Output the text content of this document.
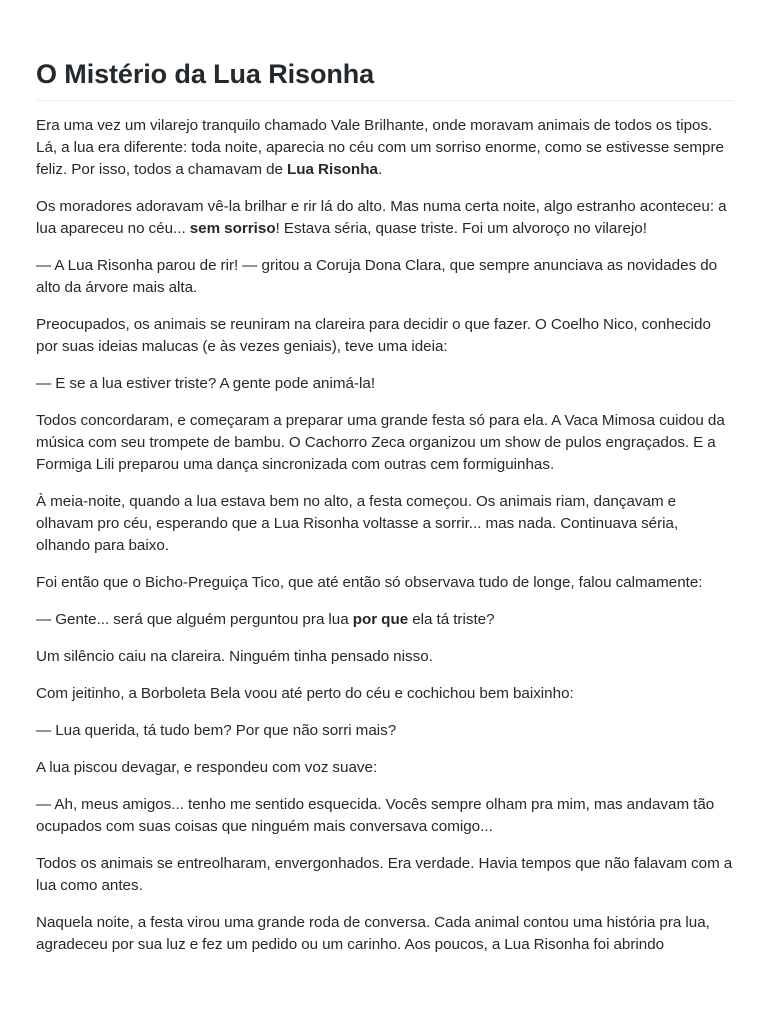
O Mistério da Lua Risonha

Era uma vez um vilarejo tranquilo chamado Vale Brilhante, onde moravam animais de todos os tipos. Lá, a lua era diferente: toda noite, aparecia no céu com um sorriso enorme, como se estivesse sempre feliz. Por isso, todos a chamavam de Lua Risonha.

Os moradores adoravam vê-la brilhar e rir lá do alto. Mas numa certa noite, algo estranho aconteceu: a lua apareceu no céu... sem sorriso! Estava séria, quase triste. Foi um alvoroço no vilarejo!

— A Lua Risonha parou de rir! — gritou a Coruja Dona Clara, que sempre anunciava as novidades do alto da árvore mais alta.

Preocupados, os animais se reuniram na clareira para decidir o que fazer. O Coelho Nico, conhecido por suas ideias malucas (e às vezes geniais), teve uma ideia:

— E se a lua estiver triste? A gente pode animá-la!

Todos concordaram, e começaram a preparar uma grande festa só para ela. A Vaca Mimosa cuidou da música com seu trompete de bambu. O Cachorro Zeca organizou um show de pulos engraçados. E a Formiga Lili preparou uma dança sincronizada com outras cem formiguinhas.

À meia-noite, quando a lua estava bem no alto, a festa começou. Os animais riam, dançavam e olhavam pro céu, esperando que a Lua Risonha voltasse a sorrir... mas nada. Continuava séria, olhando para baixo.

Foi então que o Bicho-Preguiça Tico, que até então só observava tudo de longe, falou calmamente:

— Gente... será que alguém perguntou pra lua por que ela tá triste?

Um silêncio caiu na clareira. Ninguém tinha pensado nisso.

Com jeitinho, a Borboleta Bela voou até perto do céu e cochichou bem baixinho:

— Lua querida, tá tudo bem? Por que não sorri mais?

A lua piscou devagar, e respondeu com voz suave:

— Ah, meus amigos... tenho me sentido esquecida. Vocês sempre olham pra mim, mas andavam tão ocupados com suas coisas que ninguém mais conversava comigo...

Todos os animais se entreolharam, envergonhados. Era verdade. Havia tempos que não falavam com a lua como antes.

Naquela noite, a festa virou uma grande roda de conversa. Cada animal contou uma história pra lua, agradeceu por sua luz e fez um pedido ou um carinho. Aos poucos, a Lua Risonha foi abrindo
